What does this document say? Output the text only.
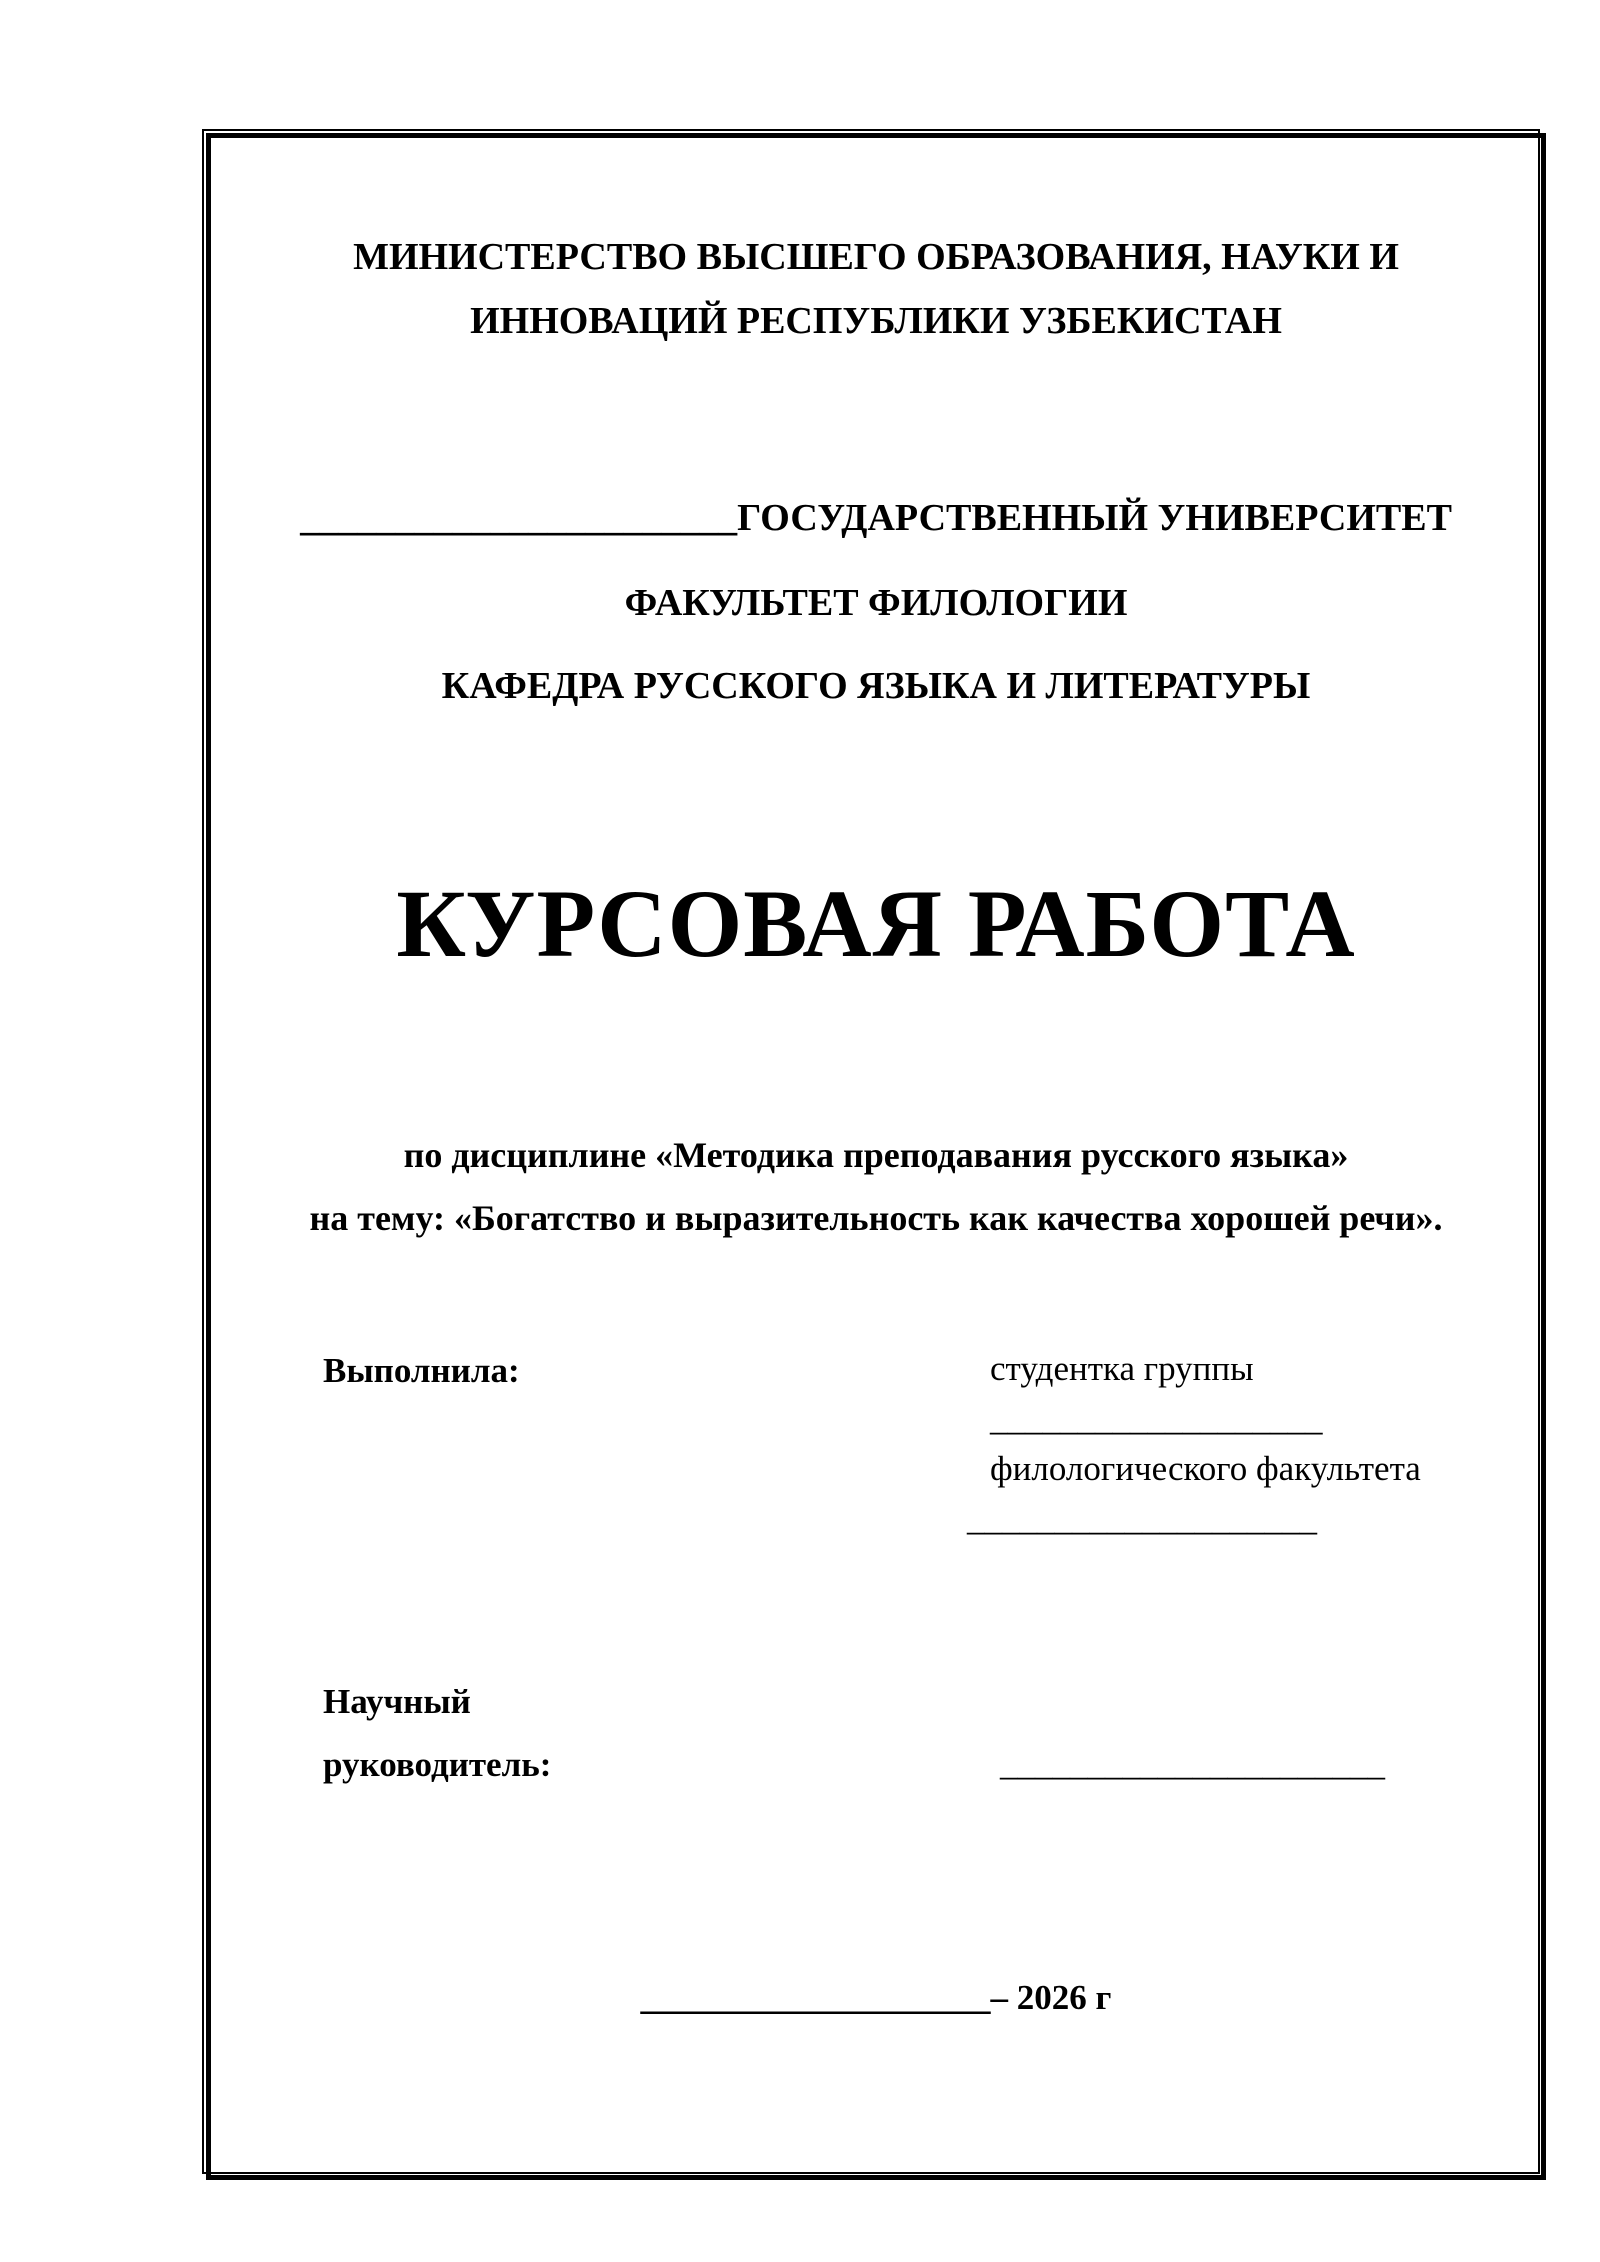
МИНИСТЕРСТВО ВЫСШЕГО ОБРАЗОВАНИЯ, НАУКИ И
ИННОВАЦИЙ РЕСПУБЛИКИ УЗБЕКИСТАН
_______________________ГОСУДАРСТВЕННЫЙ УНИВЕРСИТЕТ
ФАКУЛЬТЕТ ФИЛОЛОГИИ
КАФЕДРА РУССКОГО ЯЗЫКА И ЛИТЕРАТУРЫ
КУРСОВАЯ РАБОТА
по дисциплине «Методика преподавания русского языка»
на тему: «Богатство и выразительность как качества хорошей речи».
Выполнила:	студентка группы
___________________
филологического факультета
____________________
Научный
руководитель:	______________________
____________________– 2026 г
